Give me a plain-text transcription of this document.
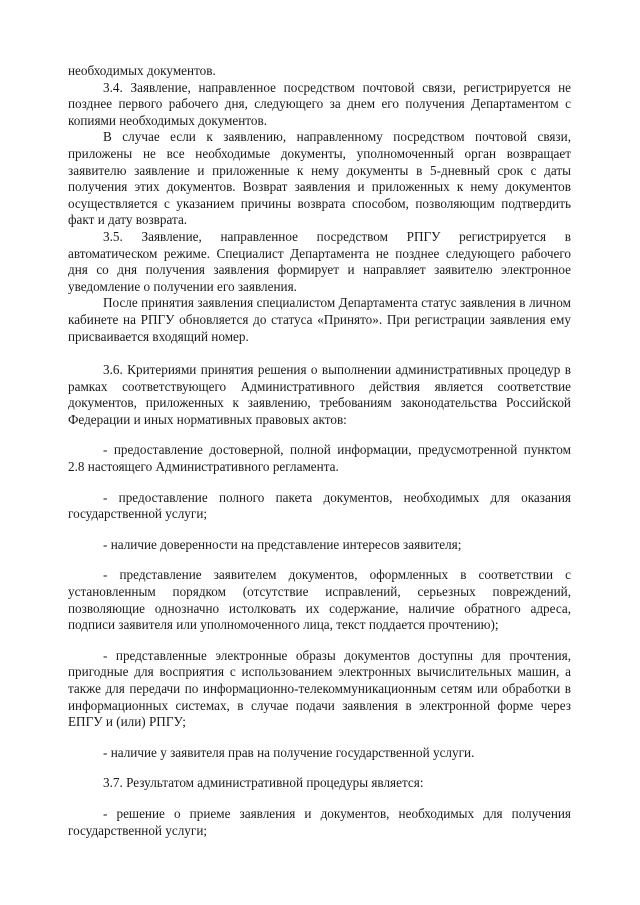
необходимых документов.

3.4. Заявление, направленное посредством почтовой связи, регистрируется не позднее первого рабочего дня, следующего за днем его получения Департаментом с копиями необходимых документов.

В случае если к заявлению, направленному посредством почтовой связи, приложены не все необходимые документы, уполномоченный орган возвращает заявителю заявление и приложенные к нему документы в 5-дневный срок с даты получения этих документов. Возврат заявления и приложенных к нему документов осуществляется с указанием причины возврата способом, позволяющим подтвердить факт и дату возврата.

3.5. Заявление, направленное посредством РПГУ регистрируется в автоматическом режиме. Специалист Департамента не позднее следующего рабочего дня со дня получения заявления формирует и направляет заявителю электронное уведомление о получении его заявления.

После принятия заявления специалистом Департамента статус заявления в личном кабинете на РПГУ обновляется до статуса «Принято». При регистрации заявления ему присваивается входящий номер.

3.6. Критериями принятия решения о выполнении административных процедур в рамках соответствующего Административного действия является соответствие документов, приложенных к заявлению, требованиям законодательства Российской Федерации и иных нормативных правовых актов:

- предоставление достоверной, полной информации, предусмотренной пунктом 2.8 настоящего Административного регламента.

- предоставление полного пакета документов, необходимых для оказания государственной услуги;

- наличие доверенности на представление интересов заявителя;

- представление заявителем документов, оформленных в соответствии с установленным порядком (отсутствие исправлений, серьезных повреждений, позволяющие однозначно истолковать их содержание, наличие обратного адреса, подписи заявителя или уполномоченного лица, текст поддается прочтению);

- представленные электронные образы документов доступны для прочтения, пригодные для восприятия с использованием электронных вычислительных машин, а также для передачи по информационно-телекоммуникационным сетям или обработки в информационных системах, в случае подачи заявления в электронной форме через ЕПГУ и (или) РПГУ;

- наличие у заявителя прав на получение государственной услуги.

3.7. Результатом административной процедуры является:

- решение о приеме заявления и документов, необходимых для получения государственной услуги;
